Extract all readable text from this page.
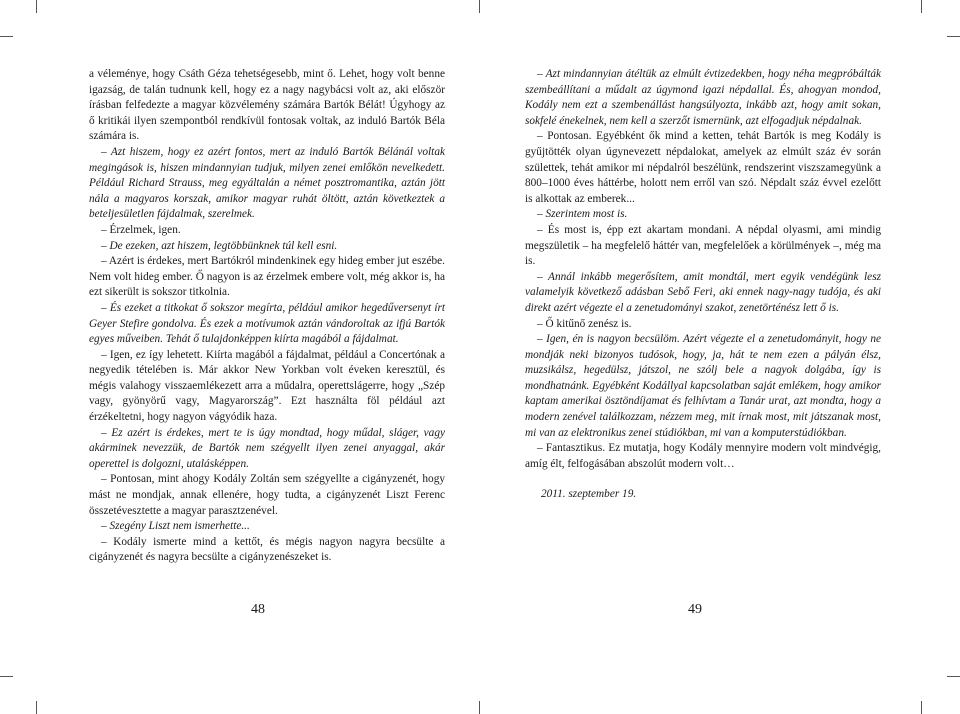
a véleménye, hogy Csáth Géza tehetségesebb, mint ő. Lehet, hogy volt benne igazság, de talán tudnunk kell, hogy ez a nagy nagybácsi volt az, aki először írásban felfedezte a magyar közvélemény számára Bartók Bélát! Úgyhogy az ő kritikái ilyen szempontból rendkívül fontosak voltak, az induló Bartók Béla számára is.

– Azt hiszem, hogy ez azért fontos, mert az induló Bartók Bélánál voltak megingások is, hiszen mindannyian tudjuk, milyen zenei emlőkön nevelkedett. Például Richard Strauss, meg egyáltalán a német posztromantika, aztán jött nála a magyaros korszak, amikor magyar ruhát öltött, aztán következtek a beteljesületlen fájdalmak, szerelmek.

– Érzelmek, igen.

– De ezeken, azt hiszem, legtöbbünknek túl kell esni.

– Azért is érdekes, mert Bartókról mindenkinek egy hideg ember jut eszébe. Nem volt hideg ember. Ő nagyon is az érzelmek embere volt, még akkor is, ha ezt sikerült is sokszor titkolnia.

– És ezeket a titkokat ő sokszor megírta, például amikor hegedűversenyt írt Geyer Stefire gondolva. És ezek a motívumok aztán vándoroltak az ifjú Bartók egyes műveiben. Tehát ő tulajdonképpen kiírta magából a fájdalmat.

– Igen, ez így lehetett. Kiírta magából a fájdalmat, például a Concertónak a negyedik tételében is. Már akkor New Yorkban volt éveken keresztül, és mégis valahogy visszaemlékezett arra a műdalra, operettslágerre, hogy „Szép vagy, gyönyörű vagy, Magyarország”. Ezt használta föl például azt érzékeltetni, hogy nagyon vágyódik haza.

– Ez azért is érdekes, mert te is úgy mondtad, hogy műdal, sláger, vagy akárminek nevezzük, de Bartók nem szégyellt ilyen zenei anyaggal, akár operettel is dolgozni, utalásképpen.

– Pontosan, mint ahogy Kodály Zoltán sem szégyellte a cigányzenét, hogy mást ne mondjak, annak ellenére, hogy tudta, a cigányzenét Liszt Ferenc összetévesztette a magyar parasztzenével.

– Szegény Liszt nem ismerhette...

– Kodály ismerte mind a kettőt, és mégis nagyon nagyra becsülte a cigányzenét és nagyra becsülte a cigányzenészeket is.

– Azt mindannyian átéltük az elmúlt évtizedekben, hogy néha megpróbálták szembeállítani a műdalt az úgymond igazi népdallal. És, ahogyan mondod, Kodály nem ezt a szembenállást hangsúlyozta, inkább azt, hogy amit sokan, sokfelé énekelnek, nem kell a szerzőt ismernünk, azt elfogadjuk népdalnak.

– Pontosan. Egyébként ők mind a ketten, tehát Bartók is meg Kodály is gyűjtötték olyan úgynevezett népdalokat, amelyek az elmúlt száz év során születtek, tehát amikor mi népdalról beszélünk, rendszerint viszszamegyünk a 800–1000 éves háttérbe, holott nem erről van szó. Népdalt száz évvel ezelőtt is alkottak az emberek...

– Szerintem most is.

– És most is, épp ezt akartam mondani. A népdal olyasmi, ami mindig megszületik – ha megfelelő háttér van, megfelelőek a körülmények –, még ma is.

– Annál inkább megerősítem, amit mondtál, mert egyik vendégünk lesz valamelyik következő adásban Sebő Feri, aki ennek nagy-nagy tudója, és aki direkt azért végezte el a zenetudományi szakot, zenetörténész lett ő is.

– Ő kitűnő zenész is.

– Igen, én is nagyon becsülöm. Azért végezte el a zenetudományit, hogy ne mondják neki bizonyos tudósok, hogy, ja, hát te nem ezen a pályán élsz, muzsikálsz, hegedülsz, játszol, ne szólj bele a nagyok dolgába, így is mondhatnánk. Egyébként Kodállyal kapcsolatban saját emlékem, hogy amikor kaptam amerikai ösztöndíjamat és felhívtam a Tanár urat, azt mondta, hogy a modern zenével találkozzam, nézzem meg, mit írnak most, mit játszanak most, mi van az elektronikus zenei stúdiókban, mi van a komputerstúdiókban.

– Fantasztikus. Ez mutatja, hogy Kodály mennyire modern volt mindvégig, amíg élt, felfogásában abszolút modern volt…

2011. szeptember 19.

48	49
